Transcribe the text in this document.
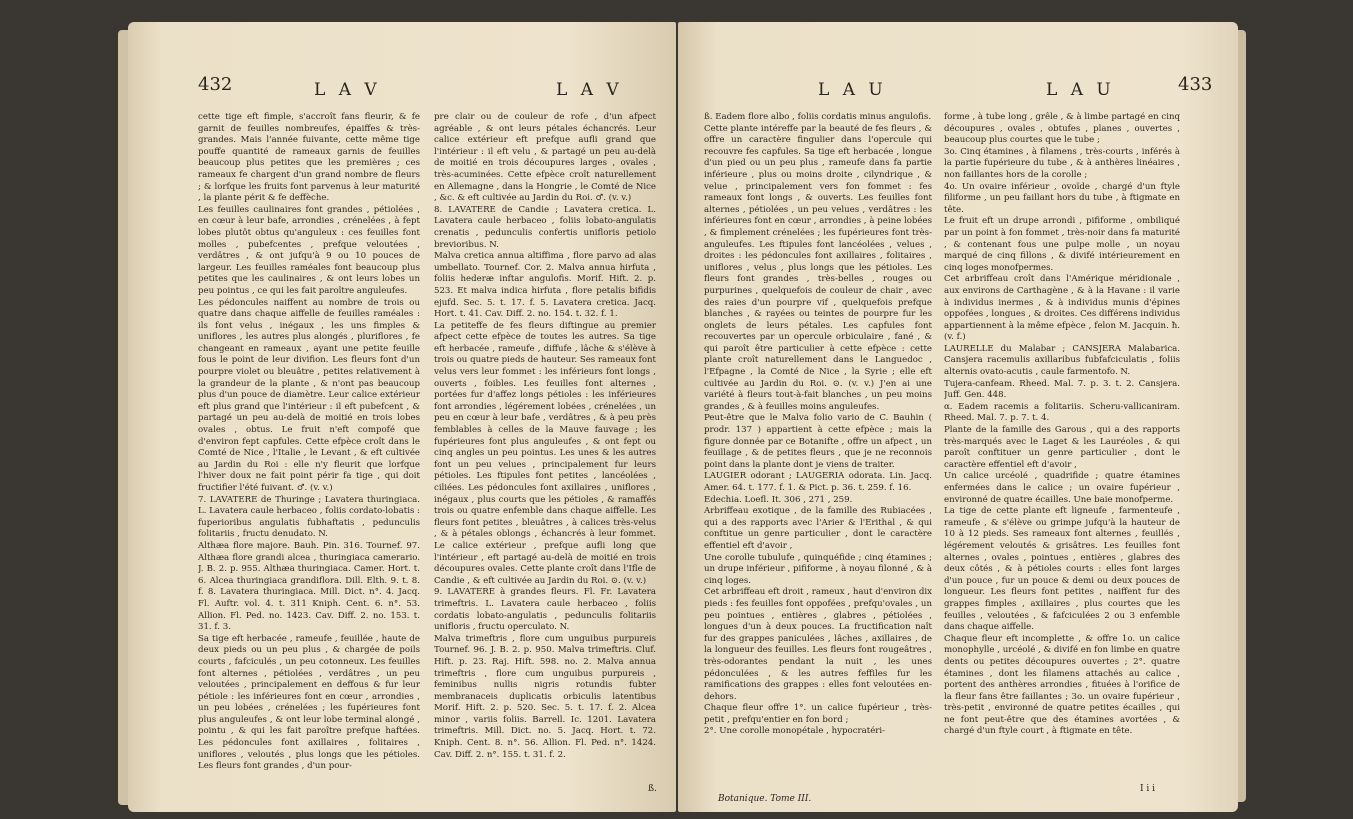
432	L A V	L A V
cette tige eft fimple, s'accroît fans fleurir, & fe garnit de feuilles nombreufes, épaiffes & très-grandes. Mais l'année fuivante, cette même tige pouffe quantité de rameaux garnis de feuilles beaucoup plus petites que les premières ; ces rameaux fe chargent d'un grand nombre de fleurs ; & lorfque les fruits font parvenus à leur maturité , la plante périt & fe deffèche.
Les feuilles caulinaires font grandes , pétiolées , en cœur à leur bafe, arrondies , crénelées , à fept lobes plutôt obtus qu'anguleux : ces feuilles font molles , pubefcentes , prefque veloutées , verdâtres , & ont jufqu'à 9 ou 10 pouces de largeur. Les feuilles raméales font beaucoup plus petites que les caulinaires , & ont leurs lobes un peu pointus , ce qui les fait paroître anguleufes.
Les pédoncules naiffent au nombre de trois ou quatre dans chaque aiffelle de feuilles raméales : ils font velus , inégaux , les uns fimples & uniflores , les autres plus alongés , pluriflores , fe changeant en rameaux , ayant une petite feuille fous le point de leur divifion. Les fleurs font d'un pourpre violet ou bleuâtre , petites relativement à la grandeur de la plante , & n'ont pas beaucoup plus d'un pouce de diamètre. Leur calice extérieur eft plus grand que l'intérieur : il eft pubefcent , & partagé un peu au-delà de moitié en trois lobes ovales , obtus. Le fruit n'eft compofé que d'environ fept capfules. Cette efpèce croît dans le Comté de Nice , l'Italie , le Levant , & eft cultivée au Jardin du Roi : elle n'y fleurit que lorfque l'hiver doux ne fait point périr fa tige , qui doit fructifier l'été fuivant. ♂. (v. v.)
7. LAVATERE de Thuringe ; Lavatera thuringiaca. L. Lavatera caule herbaceo , foliis cordato-lobatis : fuperioribus angulatis fubhaftatis , pedunculis folitariis , fructu denudato. N.
Althæa flore majore. Bauh. Pin. 316. Tournef. 97. Althæa flore grandi alcea , thuringiaca camerario. J. B. 2. p. 955. Althæa thuringiaca. Camer. Hort. t. 6. Alcea thuringiaca grandiflora. Dill. Elth. 9. t. 8. f. 8. Lavatera thuringiaca. Mill. Dict. n°. 4. Jacq. Fl. Auftr. vol. 4. t. 311 Kniph. Cent. 6. n°. 53. Allion. Fl. Ped. no. 1423. Cav. Diff. 2. no. 153. t. 31. f. 3.
Sa tige eft herbacée , rameufe , feuillée , haute de deux pieds ou un peu plus , & chargée de poils courts , fafciculés , un peu cotonneux. Les feuilles font alternes , pétiolées , verdâtres , un peu veloutées , principalement en deffous & fur leur pétiole : les inférieures font en cœur , arrondies , un peu lobées , crénelées ; les fupérieures font plus anguleufes , & ont leur lobe terminal alongé , pointu , & qui les fait paroître prefque haftées. Les pédoncules font axillaires , folitaires , uniflores , veloutés , plus longs que les pétioles. Les fleurs font grandes , d'un pour-
pre clair ou de couleur de rofe , d'un afpect agréable , & ont leurs pétales échancrés. Leur calice extérieur eft prefque aufli grand que l'intérieur : il eft velu , & partagé un peu au-delà de moitié en trois découpures larges , ovales , très-acuminées. Cette efpèce croît naturellement en Allemagne , dans la Hongrie , le Comté de Nice , &c. & eft cultivée au Jardin du Roi. ♂. (v. v.)
8. LAVATERE de Candie ; Lavatera cretica. L. Lavatera caule herbaceo , foliis lobato-angulatis crenatis , pedunculis confertis unifloris petiolo brevioribus. N.
Malva cretica annua altiffima , flore parvo ad alas umbellato. Tournef. Cor. 2. Malva annua hirfuta , foliis hederæ inftar angulofis. Morif. Hift. 2. p. 523. Et malva indica hirfuta , flore petalis bifidis ejufd. Sec. 5. t. 17. f. 5. Lavatera cretica. Jacq. Hort. t. 41. Cav. Diff. 2. no. 154. t. 32. f. 1.
La petiteffe de fes fleurs diftingue au premier afpect cette efpèce de toutes les autres. Sa tige eft herbacée , rameufe , diffufe , lâche & s'élève à trois ou quatre pieds de hauteur. Ses rameaux font velus vers leur fommet : les inférieurs font longs , ouverts , foibles. Les feuilles font alternes , portées fur d'affez longs pétioles : les inférieures font arrondies , légérement lobées , crénelées , un peu en cœur à leur bafe , verdâtres , & à peu près femblables à celles de la Mauve fauvage ; les fupérieures font plus anguleufes , & ont fept ou cinq angles un peu pointus. Les unes & les autres font un peu velues , principalement fur leurs pétioles. Les ftipules font petites , lancéolées , ciliées. Les pédoncules font axillaires , uniflores , inégaux , plus courts que les pétioles , & ramaffés trois ou quatre enfemble dans chaque aiffelle. Les fleurs font petites , bleuâtres , à calices très-velus , & à pétales oblongs , échancrés à leur fommet. Le calice extérieur , prefque aufli long que l'intérieur , eft partagé au-delà de moitié en trois découpures ovales. Cette plante croît dans l'Ifle de Candie , & eft cultivée au Jardin du Roi. ⊙. (v. v.)
9. LAVATERE à grandes fleurs. Fl. Fr. Lavatera trimeftris. L. Lavatera caule herbaceo , foliis cordatis lobato-angulatis , pedunculis folitariis unifloris , fructu operculato. N.
Malva trimeftris , flore cum unguibus purpureis Tournef. 96. J. B. 2. p. 950. Malva trimeftris. Cluf. Hift. p. 23. Raj. Hift. 598. no. 2. Malva annua trimeftris , flore cum unguibus purpureis , feminibus nullis nigris rotundis fubter membranaceis duplicatis orbiculis latentibus Morif. Hift. 2. p. 520. Sec. 5. t. 17. f. 2. Alcea minor , variis foliis. Barrell. Ic. 1201. Lavatera trimeftris. Mill. Dict. no. 5. Jacq. Hort. t. 72. Kniph. Cent. 8. n°. 56. Allion. Fl. Ped. n°. 1424. Cav. Diff. 2. n°. 155. t. 31. f. 2.
ß.
L A U	L A U	433
ß. Eadem flore albo , foliis cordatis minus angulofis.
Cette plante intéreffe par la beauté de fes fleurs , & offre un caractère fingulier dans l'opercule qui recouvre fes capfules. Sa tige eft herbacée , longue d'un pied ou un peu plus , rameufe dans fa partie inférieure , plus ou moins droite , cilyndrique , & velue , principalement vers fon fommet : fes rameaux font longs , & ouverts. Les feuilles font alternes , pétiolées , un peu velues , verdâtres : les inférieures font en cœur , arrondies , à peine lobées , & fimplement crénelées ; les fupérieures font très-anguleufes. Les ftipules font lancéolées , velues , droites : les pédoncules font axillaires , folitaires , uniflores , velus , plus longs que les pétioles. Les fleurs font grandes , très-belles , rouges ou purpurines , quelquefois de couleur de chair , avec des raies d'un pourpre vif , quelquefois prefque blanches , & rayées ou teintes de pourpre fur les onglets de leurs pétales. Les capfules font recouvertes par un opercule orbiculaire , fané , & qui paroît être particulier à cette efpèce : cette plante croît naturellement dans le Languedoc , l'Efpagne , la Comté de Nice , la Syrie ; elle eft cultivée au Jardin du Roi. ⊙. (v. v.) J'en ai une variété à fleurs tout-à-fait blanches , un peu moins grandes , & à feuilles moins anguleufes.
Peut-être que le Malva folio vario de C. Bauhin ( prodr. 137 ) appartient à cette efpèce ; mais la figure donnée par ce Botanifte , offre un afpect , un feuillage , & de petites fleurs , que je ne reconnois point dans la plante dont je viens de traiter.
LAUGIER odorant ; LAUGERIA odorata. Lin. Jacq. Amer. 64. t. 177. f. 1. & Pict. p. 36. t. 259. f. 16.
Edechia. Loefl. It. 306 , 271 , 259.
Arbriffeau exotique , de la famille des Rubiacées , qui a des rapports avec l'Arier & l'Erithal , & qui conftitue un genre particulier , dont le caractère effentiel eft d'avoir ,
Une corolle tubulufe , quinquéfide ; cinq étamines ; un drupe inférieur , pififorme , à noyau filonné , & à cinq loges.
Cet arbriffeau eft droit , rameux , haut d'environ dix pieds : fes feuilles font oppofées , prefqu'ovales , un peu pointues , entières , glabres , pétiolées , longues d'un à deux pouces. La fructification naît fur des grappes paniculées , lâches , axillaires , de la longueur des feuilles. Les fleurs font rougeâtres , très-odorantes pendant la nuit , les unes pédonculées , & les autres feffiles fur les ramifications des grappes : elles font veloutées en-dehors.
Chaque fleur offre 1°. un calice fupérieur , très-petit , prefqu'entier en fon bord ;
2°. Une corolle monopétale , hypocratéri-
forme , à tube long , grêle , & à limbe partagé en cinq découpures , ovales , obtufes , planes , ouvertes , beaucoup plus courtes que le tube ;
3o. Cinq étamines , à filamens , très-courts , inférés à la partie fupérieure du tube , & à anthères linéaires , non faillantes hors de la corolle ;
4o. Un ovaire inférieur , ovoïde , chargé d'un ftyle filiforme , un peu faillant hors du tube , à ftigmate en tête.
Le fruit eft un drupe arrondi , pififorme , ombiliqué par un point à fon fommet , très-noir dans fa maturité , & contenant fous une pulpe molle , un noyau marqué de cinq fillons , & divifé intérieurement en cinq loges monofpermes.
Cet arbriffeau croît dans l'Amérique méridionale , aux environs de Carthagène , & à la Havane : il varie à individus inermes , & à individus munis d'épines oppofées , longues , & droites. Ces différens individus appartiennent à la même efpèce , felon M. Jacquin. ħ. (v. f.)
LAURELLE du Malabar ; CANSJERA Malabarica. Cansjera racemulis axillaribus fubfafciculatis , foliis alternis ovato-acutis , caule farmentofo. N.
Tujera-canfeam. Rheed. Mal. 7. p. 3. t. 2. Cansjera. Juff. Gen. 448.
α. Eadem racemis a folitariis. Scheru-vallicaniram. Rheed. Mal. 7. p. 7. t. 4.
Plante de la famille des Garous , qui a des rapports très-marqués avec le Laget & les Lauréoles , & qui paroît conftituer un genre particulier , dont le caractère effentiel eft d'avoir ,
Un calice urcéolé , quadrifide ; quatre étamines enfermées dans le calice ; un ovaire fupérieur , environné de quatre écailles. Une baie monofperme.
La tige de cette plante eft ligneufe , farmenteufe , rameufe , & s'élève ou grimpe jufqu'à la hauteur de 10 à 12 pieds. Ses rameaux font alternes , feuillés , légérement veloutés & grisâtres. Les feuilles font alternes , ovales , pointues , entières , glabres des deux côtés , & à pétioles courts : elles font larges d'un pouce , fur un pouce & demi ou deux pouces de longueur. Les fleurs font petites , naiffent fur des grappes fimples , axillaires , plus courtes que les feuilles , veloutées , & fafciculées 2 ou 3 enfemble dans chaque aiffelle.
Chaque fleur eft incomplette , & offre 1o. un calice monophylle , urcéolé , & divifé en fon limbe en quatre dents ou petites découpures ouvertes ; 2°. quatre étamines , dont les filamens attachés au calice , portent des anthères arrondies , fituées à l'orifice de la fleur fans être faillantes ; 3o. un ovaire fupérieur , très-petit , environné de quatre petites écailles , qui ne font peut-être que des étamines avortées , & chargé d'un ftyle court , à ftigmate en tête.
Botanique. Tome III.
I i i
